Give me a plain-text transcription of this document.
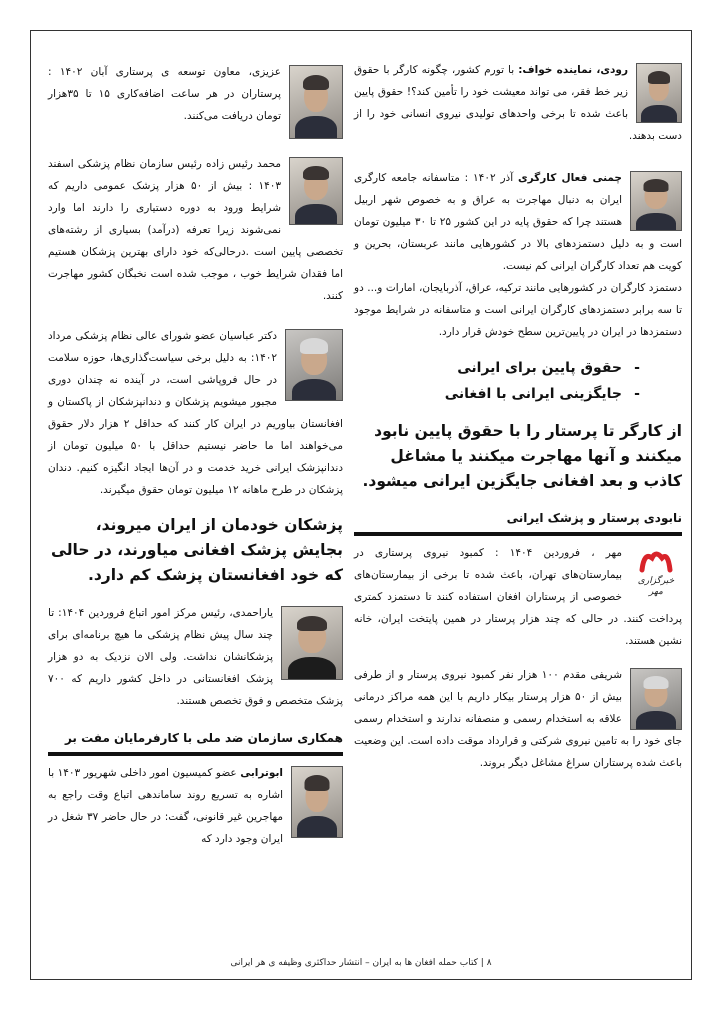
رودی، نماینده خواف: با تورم کشور، چگونه کارگر با حقوق زیر خط فقر، می تواند معیشت خود را تأمین کند؟! حقوق پایین باعث شده تا برخی واحدهای تولیدی نیروی انسانی خود را از دست بدهند.
چمنی فعال کارگری آذر ۱۴۰۲ : متاسفانه جامعه کارگری ایران به دنبال مهاجرت به عراق و به خصوص شهر اربیل هستند چرا که حقوق پایه در این کشور ۲۵ تا ۳۰ میلیون تومان است و به دلیل دستمزدهای بالا در کشورهایی مانند عربستان، بحرین و کویت هم تعداد کارگران ایرانی کم نیست.
دستمزد کارگران در کشورهایی مانند ترکیه، عراق، آذربایجان، امارات و... دو تا سه برابر دستمزدهای کارگران ایرانی است و متاسفانه در شرایط موجود دستمزدها در ایران در پایین‌ترین سطح خودش قرار دارد.
- حقوق پایین برای ایرانی
- جایگزینی ایرانی با افغانی
از کارگر تا پرستار را با حقوق پایین نابود میکنند و آنها مهاجرت میکنند یا مشاغل کاذب و بعد افغانی جایگزین ایرانی میشود.
نابودی پرستار و پزشک ایرانی
خبرگزاری مهر
مهر ، فروردین ۱۴۰۴ : کمبود نیروی پرستاری در بیمارستان‌های تهران، باعث شده تا برخی از بیمارستان‌های خصوصی از پرستاران افغان استفاده کنند تا دستمزد کمتری پرداخت کنند. در حالی که چند هزار پرستار در همین پایتخت ایران، خانه نشین هستند.
شریفی مقدم ۱۰۰ هزار نفر کمبود نیروی پرستار و از طرفی بیش از ۵۰ هزار پرستار بیکار داریم با این همه مراکز درمانی علاقه به استخدام رسمی و منصفانه ندارند و استخدام رسمی جای خود را به تامین نیروی شرکتی و قرارداد موقت داده است. این وضعیت باعث شده پرستاران سراغ مشاغل دیگر بروند.
عزیزی، معاون توسعه ی پرستاری آبان ۱۴۰۲ : پرستاران در هر ساعت اضافه‌کاری ۱۵ تا ۳۵هزار تومان دریافت می‌کنند.
محمد رئیس زاده رئیس سازمان نظام پزشکی اسفند ۱۴۰۳ : بیش از ۵۰ هزار پزشک عمومی داریم که شرایط ورود به دوره دستیاری را دارند اما وارد نمی‌شوند زیرا تعرفه (درآمد) بسیاری از رشته‌های تخصصی پایین است .درحالی‌که خود دارای بهترین پزشکان هستیم اما فقدان شرایط خوب ، موجب شده است نخبگان کشور مهاجرت کنند.
دکتر عباسیان عضو شورای عالی نظام پزشکی مرداد ۱۴۰۲: به دلیل برخی سیاست‌گذاری‌ها، حوزه سلامت در حال فروپاشی است، در آینده نه چندان دوری مجبور میشویم پزشکان و دندانپزشکان از پاکستان و افغانستان بیاوریم در ایران کار کنند که حداقل ۲ هزار دلار حقوق می‌خواهند اما ما حاضر نیستیم حداقل با ۵۰ میلیون تومان از دندانپزشک ایرانی خرید خدمت و در آن‌ها ایجاد انگیزه کنیم. دندان پزشکان در طرح ماهانه ۱۲ میلیون تومان حقوق میگیرند.
پزشکان خودمان از ایران میروند، بجایش پزشک افغانی میاورند، در حالی که خود افغانستان پزشک کم دارد.
یاراحمدی، رئیس مرکز امور اتباع فروردین ۱۴۰۴: تا چند سال پیش نظام پزشکی ما هیچ برنامه‌ای برای پزشکانشان نداشت. ولی الان نزدیک به دو هزار پزشک افغانستانی در داخل کشور داریم که ۷۰۰ پزشک متخصص و فوق تخصص هستند.
همکاری سازمان ضد ملی با کارفرمایان مفت بر
ابوترابی عضو کمیسیون امور داخلی شهریور ۱۴۰۳ با اشاره به تسریع روند ساماندهی اتباع وقت راجع به مهاجرین غیر قانونی، گفت: در حال حاضر ۳۷ شغل در ایران وجود دارد که
۸ | کتاب حمله افغان ها به ایران – انتشار حداکثری وظیفه ی هر ایرانی
